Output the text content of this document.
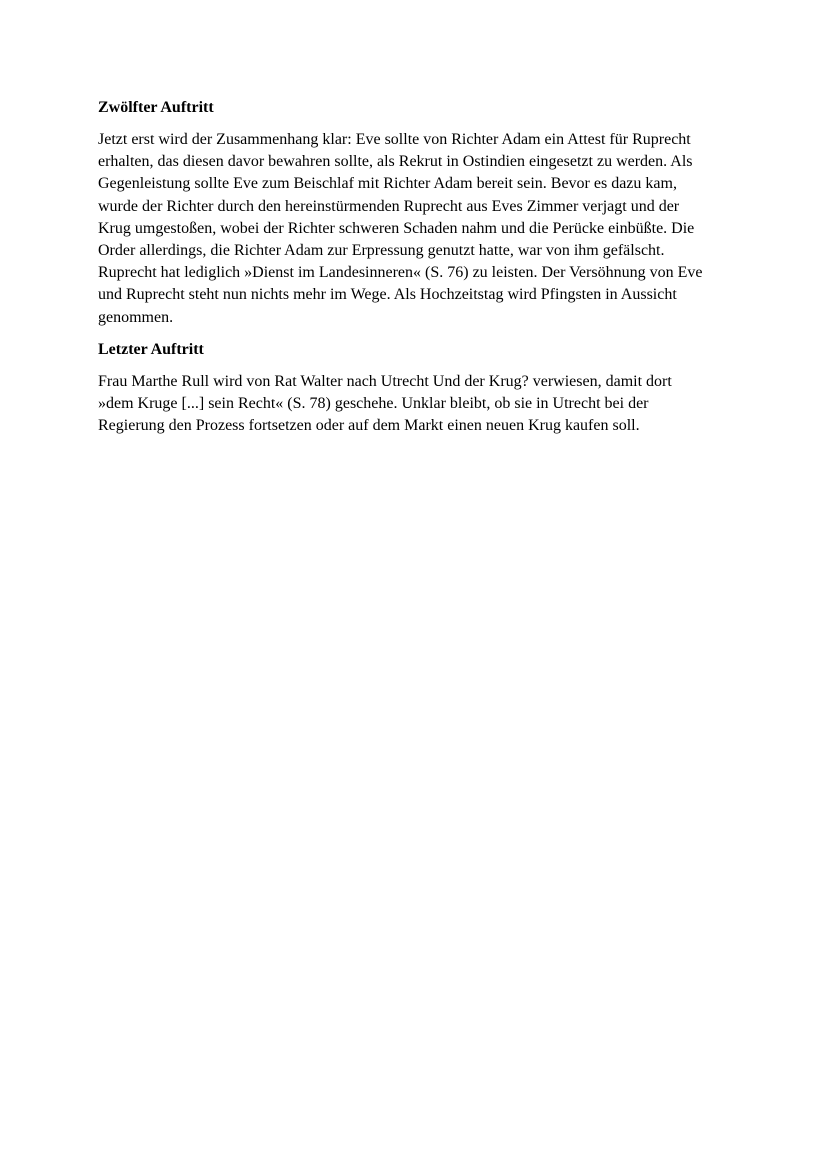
Zwölfter Auftritt
Jetzt erst wird der Zusammenhang klar: Eve sollte von Richter Adam ein Attest für Ruprecht
erhalten, das diesen davor bewahren sollte, als Rekrut in Ostindien eingesetzt zu werden. Als
Gegenleistung sollte Eve zum Beischlaf mit Richter Adam bereit sein. Bevor es dazu kam,
wurde der Richter durch den hereinstürmenden Ruprecht aus Eves Zimmer verjagt und der
Krug umgestoßen, wobei der Richter schweren Schaden nahm und die Perücke einbüßte. Die
Order allerdings, die Richter Adam zur Erpressung genutzt hatte, war von ihm gefälscht.
Ruprecht hat lediglich »Dienst im Landesinneren« (S. 76) zu leisten. Der Versöhnung von Eve
und Ruprecht steht nun nichts mehr im Wege. Als Hochzeitstag wird Pfingsten in Aussicht
genommen.
Letzter Auftritt
Frau Marthe Rull wird von Rat Walter nach Utrecht Und der Krug? verwiesen, damit dort
»dem Kruge [...] sein Recht« (S. 78) geschehe. Unklar bleibt, ob sie in Utrecht bei der
Regierung den Prozess fortsetzen oder auf dem Markt einen neuen Krug kaufen soll.
